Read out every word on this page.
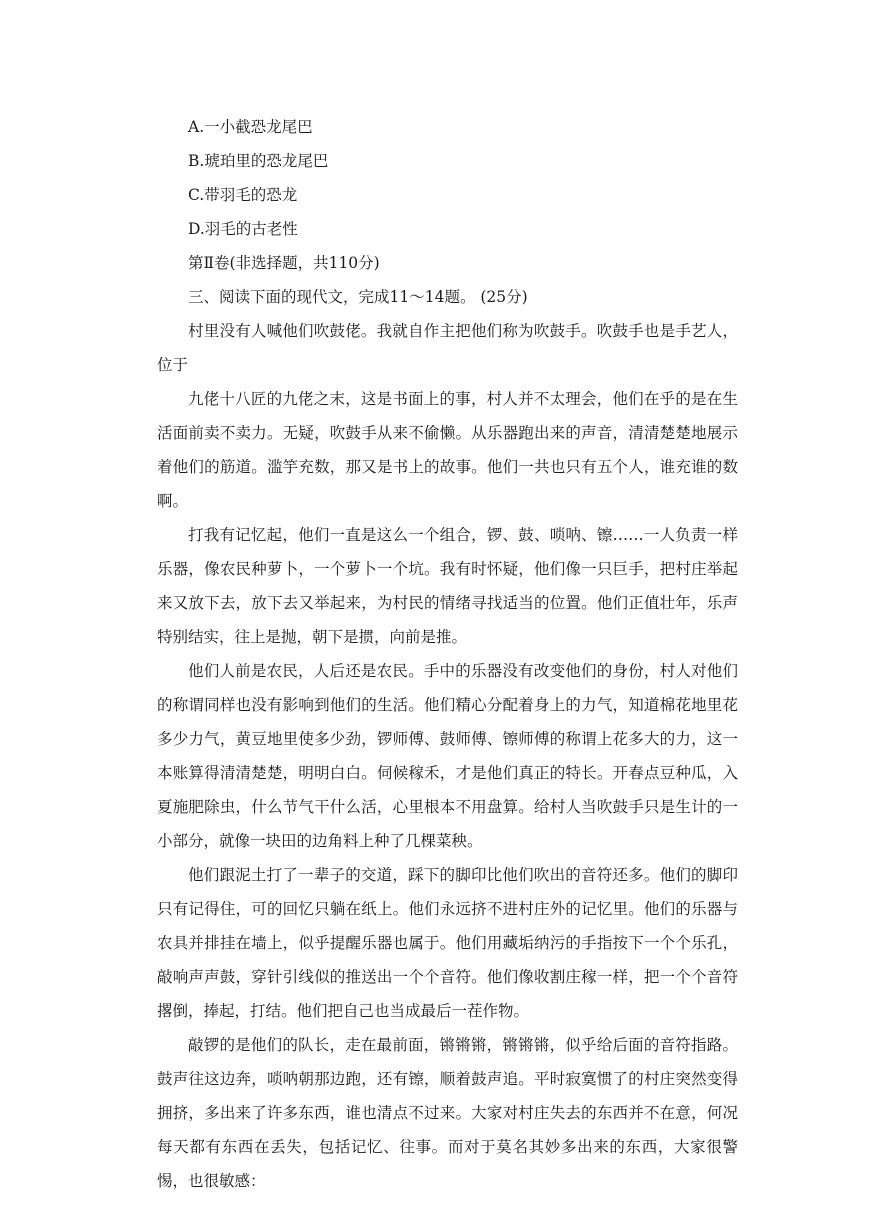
A.一小截恐龙尾巴

B.琥珀里的恐龙尾巴

C.带羽毛的恐龙

D.羽毛的古老性

第Ⅱ卷(非选择题，共110分)

三、阅读下面的现代文，完成11～14题。 (25分)

村里没有人喊他们吹鼓佬。我就自作主把他们称为吹鼓手。吹鼓手也是手艺人，位于

九佬十八匠的九佬之末，这是书面上的事，村人并不太理会，他们在乎的是在生活面前卖不卖力。无疑，吹鼓手从来不偷懒。从乐器跑出来的声音，清清楚楚地展示着他们的筋道。滥竽充数，那又是书上的故事。他们一共也只有五个人，谁充谁的数啊。

打我有记忆起，他们一直是这么一个组合，锣、鼓、唢呐、镲……一人负责一样乐器，像农民种萝卜，一个萝卜一个坑。我有时怀疑，他们像一只巨手，把村庄举起来又放下去，放下去又举起来，为村民的情绪寻找适当的位置。他们正值壮年，乐声特别结实，往上是抛，朝下是掼，向前是推。

他们人前是农民，人后还是农民。手中的乐器没有改变他们的身份，村人对他们的称谓同样也没有影响到他们的生活。他们精心分配着身上的力气，知道棉花地里花多少力气，黄豆地里使多少劲，锣师傅、鼓师傅、镲师傅的称谓上花多大的力，这一本账算得清清楚楚，明明白白。伺候稼禾，才是他们真正的特长。开春点豆种瓜，入夏施肥除虫，什么节气干什么活，心里根本不用盘算。给村人当吹鼓手只是生计的一小部分，就像一块田的边角料上种了几棵菜秧。

他们跟泥土打了一辈子的交道，踩下的脚印比他们吹出的音符还多。他们的脚印只有记得住，可的回忆只躺在纸上。他们永远挤不进村庄外的记忆里。他们的乐器与农具并排挂在墙上，似乎提醒乐器也属于。他们用藏垢纳污的手指按下一个个乐孔，敲响声声鼓，穿针引线似的推送出一个个音符。他们像收割庄稼一样，把一个个音符撂倒，捧起，打结。他们把自己也当成最后一茬作物。

敲锣的是他们的队长，走在最前面，锵锵锵，锵锵锵，似乎给后面的音符指路。鼓声往这边奔，唢呐朝那边跑，还有镲，顺着鼓声追。平时寂寞惯了的村庄突然变得拥挤，多出来了许多东西，谁也清点不过来。大家对村庄失去的东西并不在意，何况每天都有东西在丢失，包括记忆、往事。而对于莫名其妙多出来的东西，大家很警惕，也很敏感：
